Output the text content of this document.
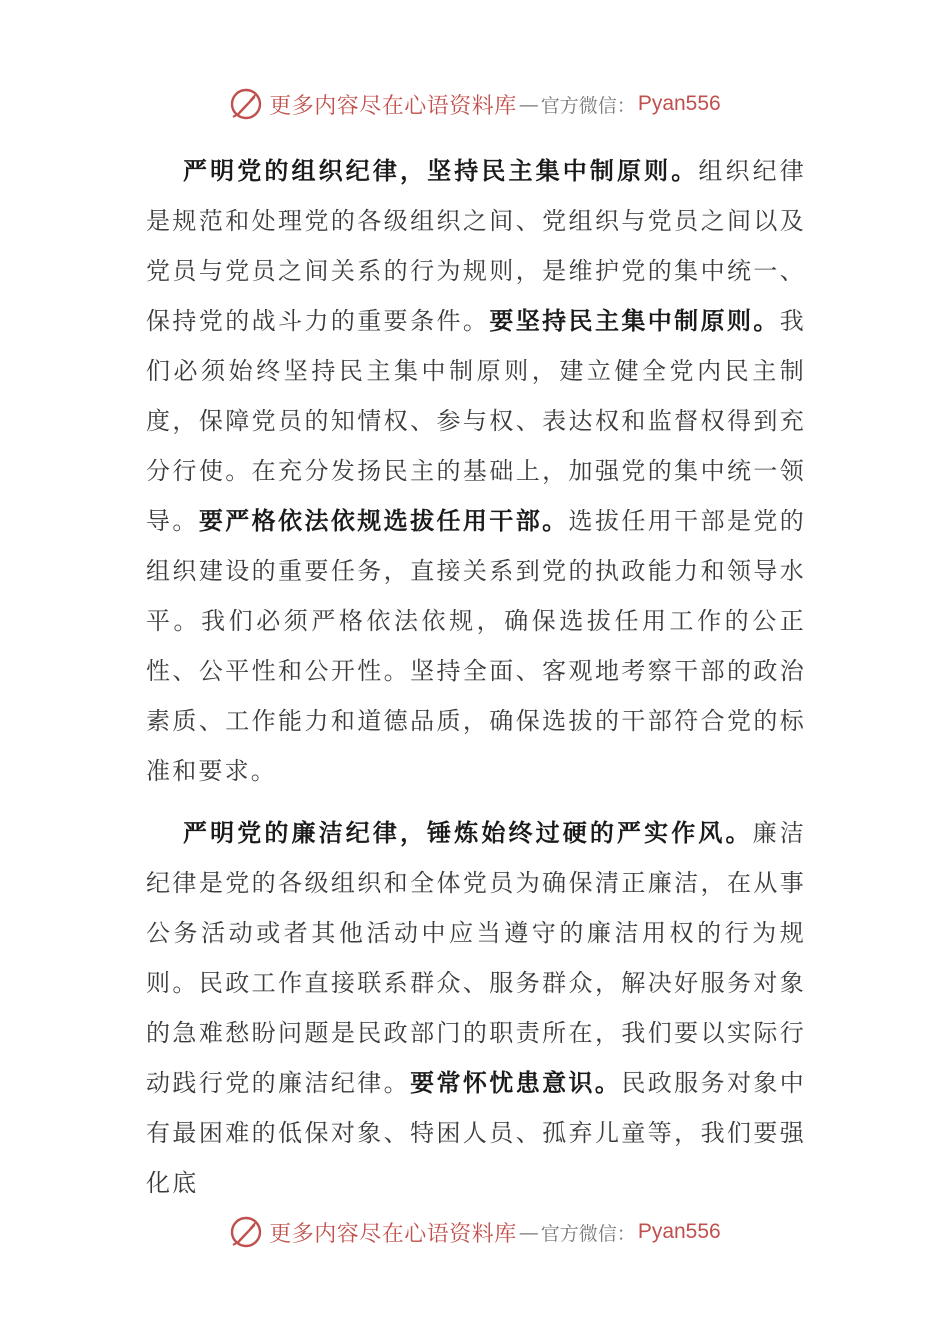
更多内容尽在心语资料库 — 官方微信： Pyan556

严明党的组织纪律，坚持民主集中制原则。组织纪律是规范和处理党的各级组织之间、党组织与党员之间以及党员与党员之间关系的行为规则，是维护党的集中统一、保持党的战斗力的重要条件。要坚持民主集中制原则。我们必须始终坚持民主集中制原则，建立健全党内民主制度，保障党员的知情权、参与权、表达权和监督权得到充分行使。在充分发扬民主的基础上，加强党的集中统一领导。要严格依法依规选拔任用干部。选拔任用干部是党的组织建设的重要任务，直接关系到党的执政能力和领导水平。我们必须严格依法依规，确保选拔任用工作的公正性、公平性和公开性。坚持全面、客观地考察干部的政治素质、工作能力和道德品质，确保选拔的干部符合党的标准和要求。

严明党的廉洁纪律，锤炼始终过硬的严实作风。廉洁纪律是党的各级组织和全体党员为确保清正廉洁，在从事公务活动或者其他活动中应当遵守的廉洁用权的行为规则。民政工作直接联系群众、服务群众，解决好服务对象的急难愁盼问题是民政部门的职责所在，我们要以实际行动践行党的廉洁纪律。要常怀忧患意识。民政服务对象中有最困难的低保对象、特困人员、孤弃儿童等，我们要强化底

更多内容尽在心语资料库 — 官方微信： Pyan556
